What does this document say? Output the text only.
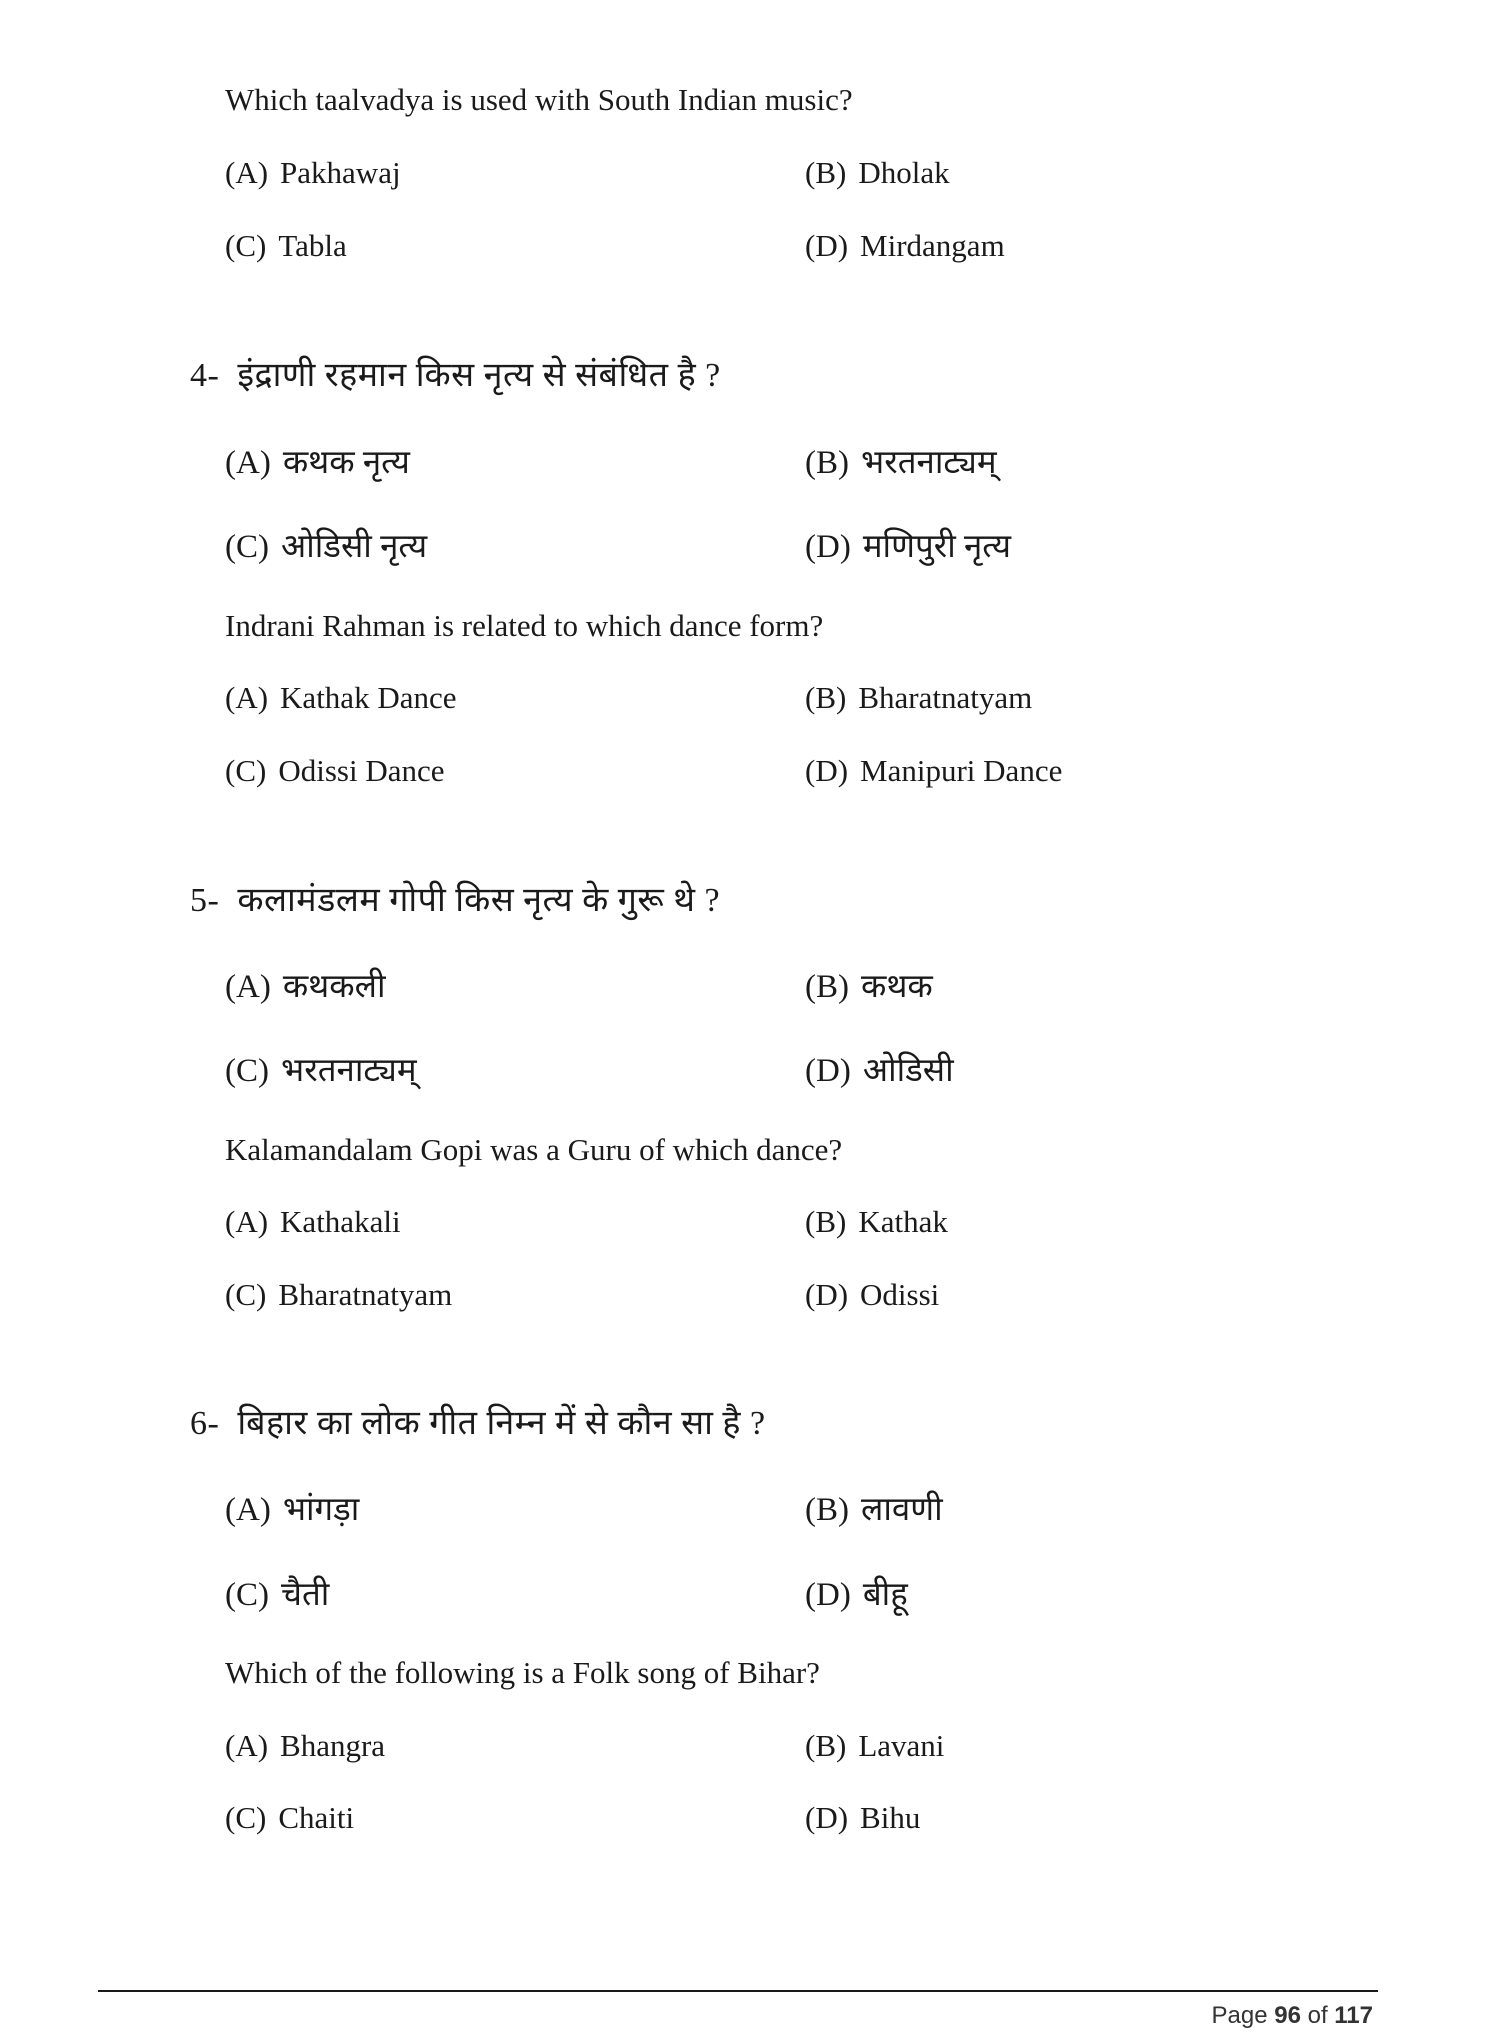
Which taalvadya is used with South Indian music?
(A) Pakhawaj	(B) Dholak
(C) Tabla	(D) Mirdangam
4- इंद्राणी रहमान किस नृत्य से संबंधित है ?
(A) कथक नृत्य	(B) भरतनाट्यम्
(C) ओडिसी नृत्य	(D) मणिपुरी नृत्य
Indrani Rahman is related to which dance form?
(A) Kathak Dance	(B) Bharatnatyam
(C) Odissi Dance	(D) Manipuri Dance
5- कलामंडलम गोपी किस नृत्य के गुरू थे ?
(A) कथकली	(B) कथक
(C) भरतनाट्यम्	(D) ओडिसी
Kalamandalam Gopi was a Guru of which dance?
(A) Kathakali	(B) Kathak
(C) Bharatnatyam	(D) Odissi
6- बिहार का लोक गीत निम्न में से कौन सा है ?
(A) भांगड़ा	(B) लावणी
(C) चैती	(D) बीहू
Which of the following is a Folk song of Bihar?
(A) Bhangra	(B) Lavani
(C) Chaiti	(D) Bihu
Page 96 of 117
